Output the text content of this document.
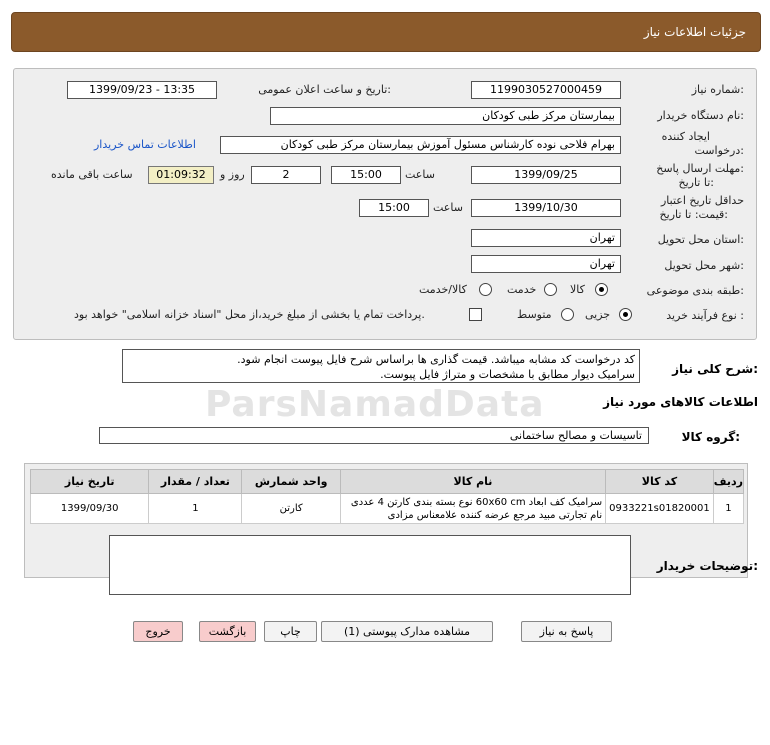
جزئیات اطلاعات نیاز
ParsNamadData
شماره نیاز:
1199030527000459
تاریخ و ساعت اعلان عمومی:
1399/09/23 - 13:35
نام دستگاه خریدار:
بیمارستان مرکز طبی کودکان
ایجاد کننده
درخواست:
بهرام فلاحی نوده کارشناس مسئول آموزش بیمارستان مرکز طبی کودکان
اطلاعات تماس خریدار
مهلت ارسال پاسخ:
تا تاریخ:
1399/09/25
ساعت
15:00
2
روز و
01:09:32
ساعت باقی مانده
حداقل تاریخ اعتبار
قیمت: تا تاریخ:
1399/10/30
ساعت
15:00
استان محل تحویل:
تهران
شهر محل تحویل:
تهران
طبقه بندی موضوعی:
کالا
خدمت
کالا/خدمت
نوع فرآیند خرید :
جزیی
متوسط
پرداخت تمام یا بخشی از مبلغ خرید،از محل "اسناد خزانه اسلامی" خواهد بود.
شرح کلی نیاز:
کد درخواست کد مشابه میباشد. قیمت گذاری ها براساس شرح فایل پیوست انجام شود.
سرامیک دیوار مطابق با مشخصات و متراژ فایل پیوست.
اطلاعات کالاهای مورد نیاز
گروه کالا:
تاسیسات و مصالح ساختمانی
ردیف	کد کالا	نام کالا	واحد شمارش	تعداد / مقدار	تاریخ نیاز
1	0933221s01820001	سرامیک کف ابعاد 60x60 cm نوع بسته بندی کارتن 4 عددی
نام تجارتی مبید مرجع عرضه کننده علامعناس مزادی	کارتن	1	1399/09/30
توضیحات خریدار:
پاسخ به نیاز
مشاهده مدارک پیوستی (1)
چاپ
بازگشت
خروج
